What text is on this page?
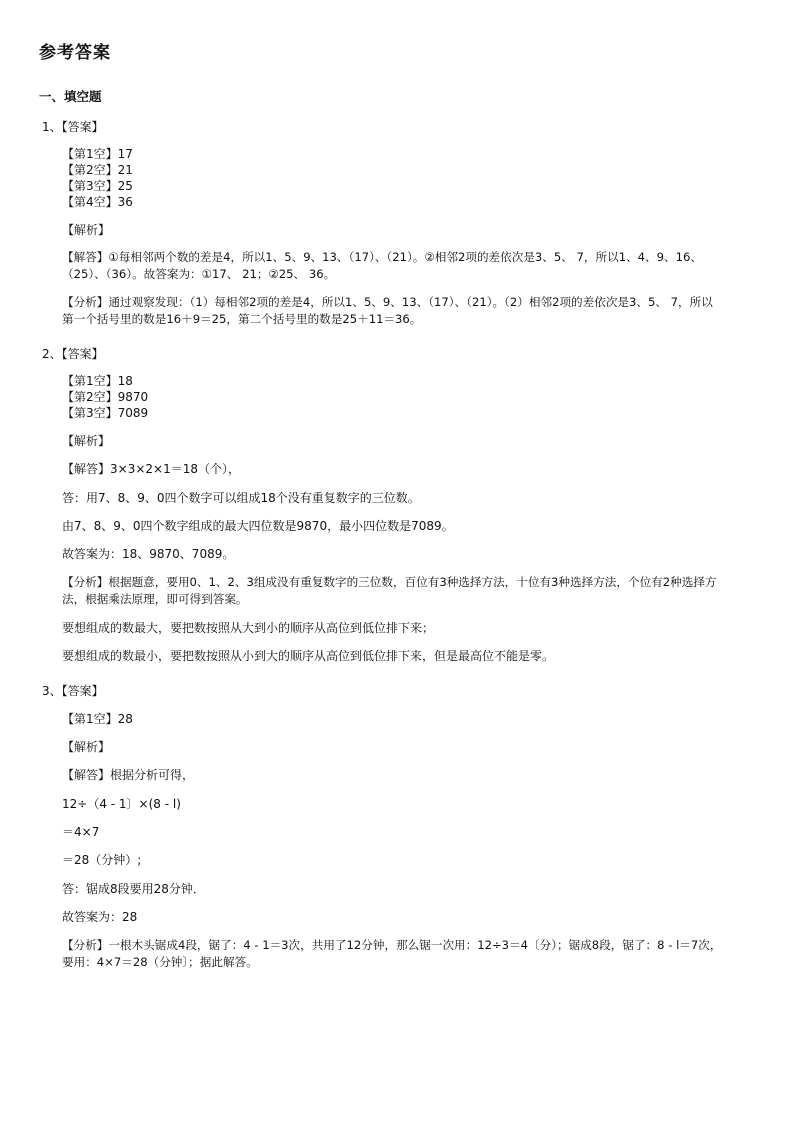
参考答案
一、填空题
1、【答案】
【第1空】17
【第2空】21
【第3空】25
【第4空】36
【解析】
【解答】①每相邻两个数的差是4，所以1、5、9、13、（17）、（21）。②相邻2项的差依次是3、5、 7，所以1、4、9、16、（25）、（36）。故答案为：①17、 21；②25、 36。
【分析】通过观察发现：（1）每相邻2项的差是4，所以1、5、9、13、（17）、（21）。（2）相邻2项的差依次是3、5、 7，所以第一个括号里的数是16＋9＝25，第二个括号里的数是25＋11＝36。
2、【答案】
【第1空】18
【第2空】9870
【第3空】7089
【解析】
【解答】3×3×2×1＝18（个），
答：用7、8、9、0四个数字可以组成18个没有重复数字的三位数。
由7、8、9、0四个数字组成的最大四位数是9870，最小四位数是7089。
故答案为：18、9870、7089。
【分析】根据题意，要用0、1、2、3组成没有重复数字的三位数，百位有3种选择方法，十位有3种选择方法，个位有2种选择方法，根据乘法原理，即可得到答案。
要想组成的数最大，要把数按照从大到小的顺序从高位到低位排下来；
要想组成的数最小，要把数按照从小到大的顺序从高位到低位排下来，但是最高位不能是零。
3、【答案】
【第1空】28
【解析】
【解答】根据分析可得，
12÷（4 - 1〕×(8 - l)
＝4×7
＝28（分钟）;
答：锯成8段要用28分钟．
故答案为：28
【分析】一根木头锯成4段，锯了：4 - 1＝3次，共用了12分钟，那么锯一次用：12÷3＝4〔分）；锯成8段，锯了：8 - l＝7次，要用：4×7＝28（分钟〕；据此解答。
